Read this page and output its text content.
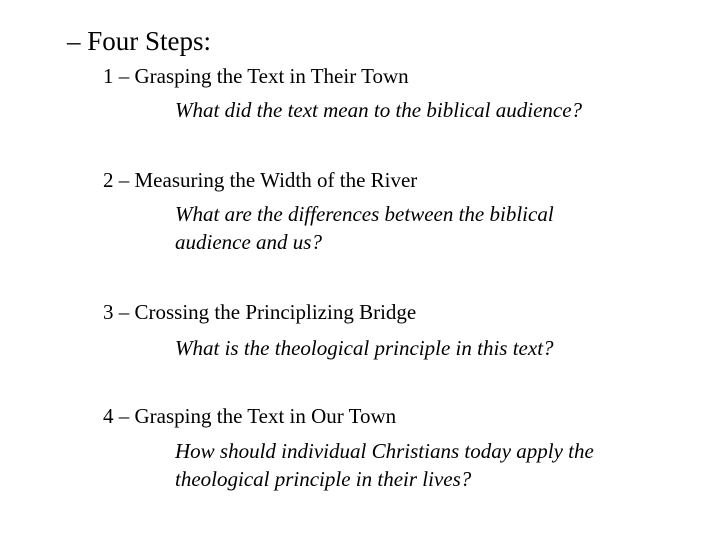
– Four Steps:
1 – Grasping the Text in Their Town
What did the text mean to the biblical audience?
2 – Measuring the Width of the River
What are the differences between the biblical
audience and us?
3 – Crossing the Principlizing Bridge
What is the theological principle in this text?
4 – Grasping the Text in Our Town
How should individual Christians today apply the
theological principle in their lives?
